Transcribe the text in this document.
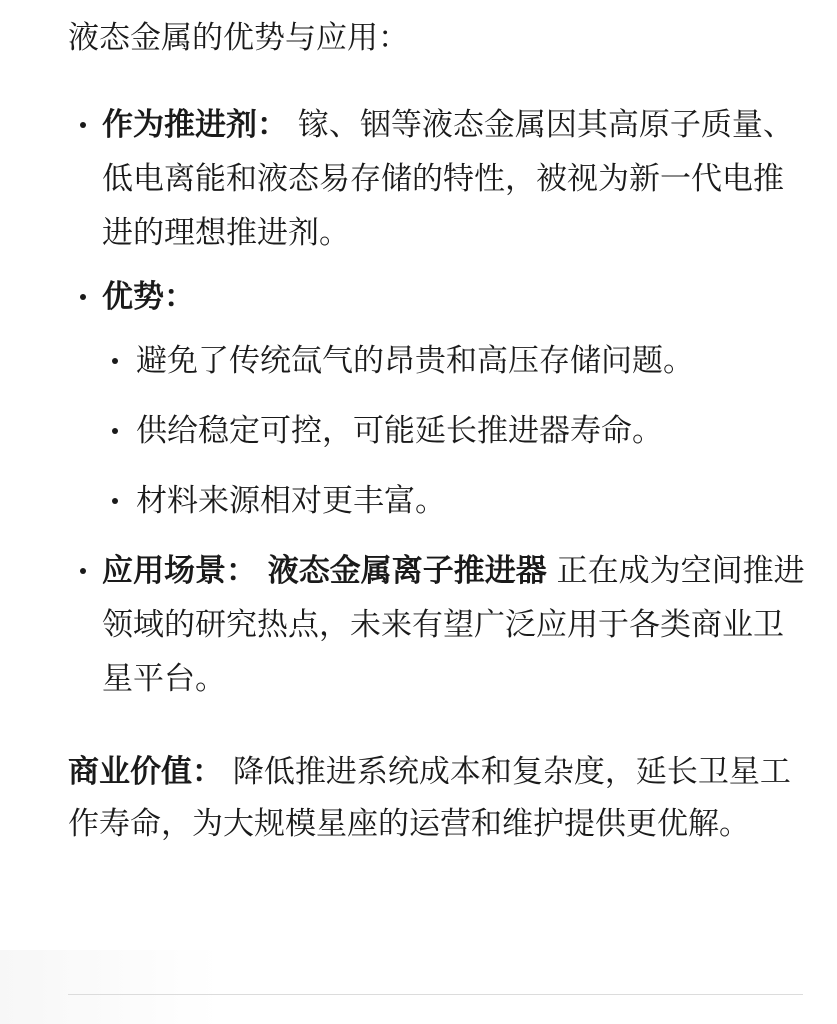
液态金属的优势与应用：
作为推进剂： 镓、铟等液态金属因其高原子质量、低电离能和液态易存储的特性，被视为新一代电推进的理想推进剂。
优势：
避免了传统氙气的昂贵和高压存储问题。
供给稳定可控，可能延长推进器寿命。
材料来源相对更丰富。
应用场景： 液态金属离子推进器 正在成为空间推进领域的研究热点，未来有望广泛应用于各类商业卫星平台。
商业价值： 降低推进系统成本和复杂度，延长卫星工作寿命，为大规模星座的运营和维护提供更优解。
